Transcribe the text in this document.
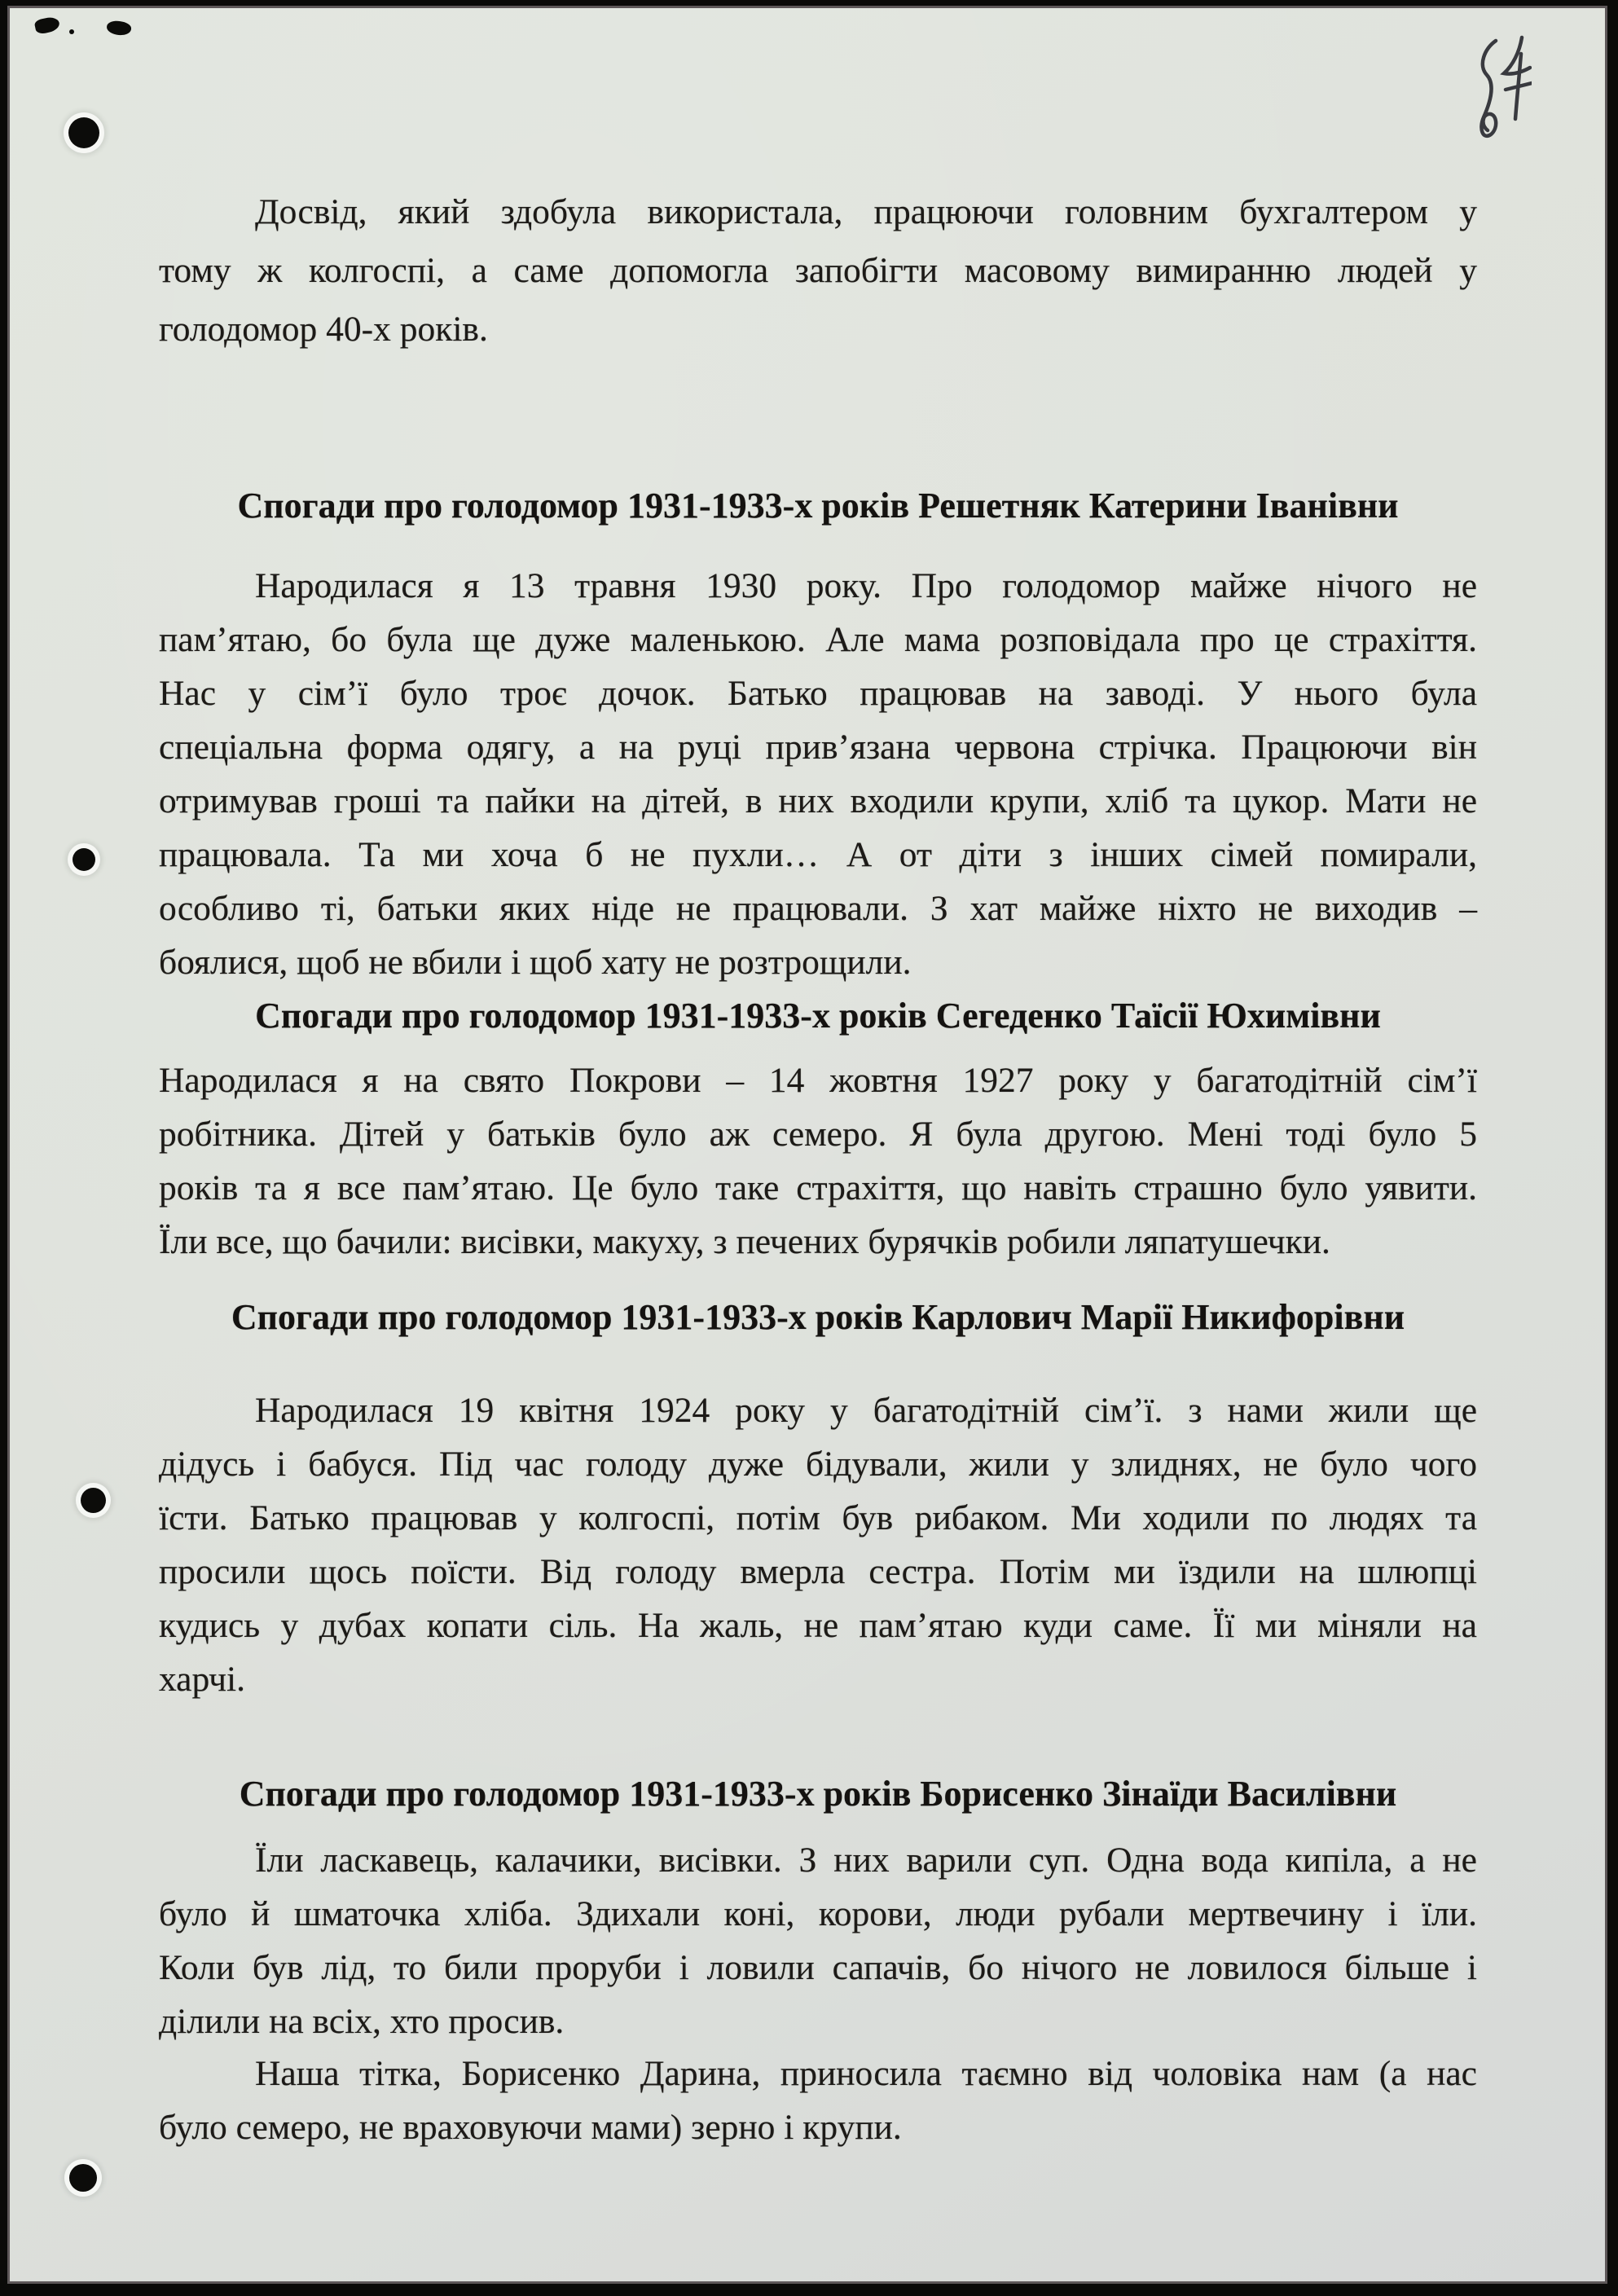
Досвід, який здобула використала, працюючи головним бухгалтером у
тому ж колгоспі, а саме допомогла запобігти масовому вимиранню людей у
голодомор 40-х років.
Спогади про голодомор 1931-1933-х років Решетняк Катерини Іванівни
Народилася я 13 травня 1930 року. Про голодомор майже нічого не
пам’ятаю, бо була ще дуже маленькою. Але мама розповідала про це страхіття.
Нас у сім’ї було троє дочок. Батько працював на заводі. У нього була
спеціальна форма одягу, а на руці прив’язана червона стрічка. Працюючи він
отримував гроші та пайки на дітей, в них входили крупи, хліб та цукор. Мати не
працювала. Та ми хоча б не пухли… А от діти з інших сімей помирали,
особливо ті, батьки яких ніде не працювали. З хат майже ніхто не виходив –
боялися, щоб не вбили і щоб хату не розтрощили.
Спогади про голодомор 1931-1933-х років Сегеденко Таїсії Юхимівни
Народилася я на свято Покрови – 14 жовтня 1927 року у багатодітній сім’ї
робітника. Дітей у батьків було аж семеро. Я була другою. Мені тоді було 5
років та я все пам’ятаю. Це було таке страхіття, що навіть страшно було уявити.
Їли все, що бачили: висівки, макуху, з печених бурячків робили ляпатушечки.
Спогади про голодомор 1931-1933-х років Карлович Марії Никифорівни
Народилася 19 квітня 1924 року у багатодітній сім’ї. з нами жили ще
дідусь і бабуся. Під час голоду дуже бідували, жили у злиднях, не було чого
їсти. Батько працював у колгоспі, потім був рибаком. Ми ходили по людях та
просили щось поїсти. Від голоду вмерла сестра. Потім ми їздили на шлюпці
кудись у дубах копати сіль. На жаль, не пам’ятаю куди саме. Її ми міняли на
харчі.
Спогади про голодомор 1931-1933-х років Борисенко Зінаїди Василівни
Їли ласкавець, калачики, висівки. З них варили суп. Одна вода кипіла, а не
було й шматочка хліба. Здихали коні, корови, люди рубали мертвечину і їли.
Коли був лід, то били проруби і ловили сапачів, бо нічого не ловилося більше і
ділили на всіх, хто просив.
Наша тітка, Борисенко Дарина, приносила таємно від чоловіка нам (а нас
було семеро, не враховуючи мами) зерно і крупи.
